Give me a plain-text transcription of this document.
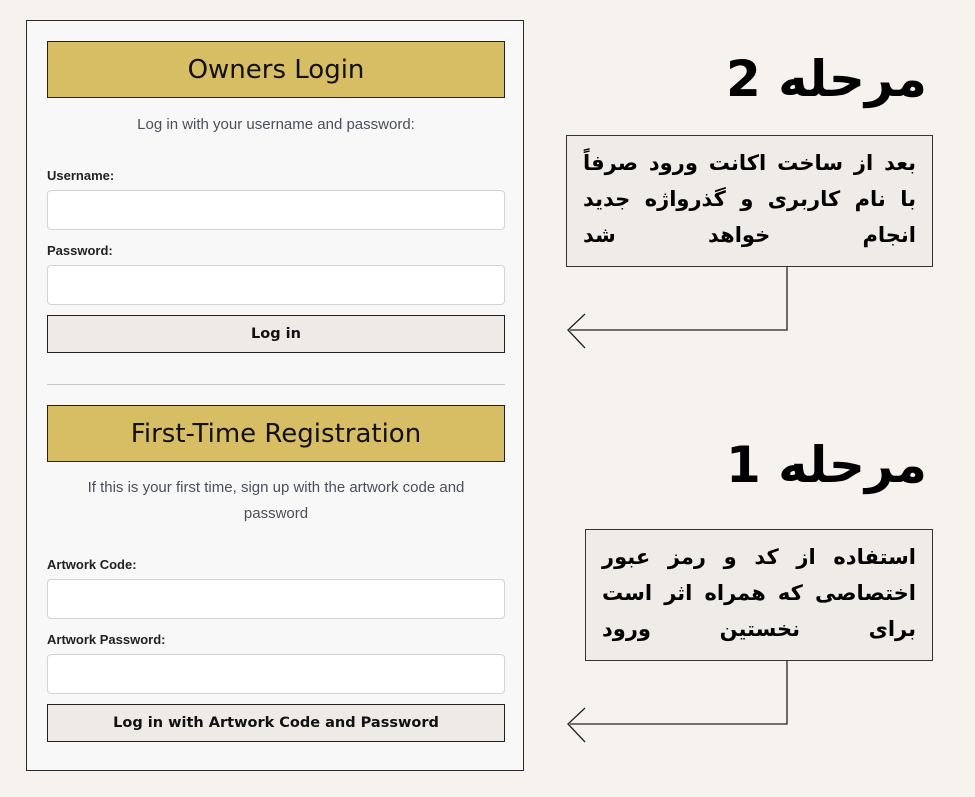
Owners Login
Log in with your username and password:
Username:
Password:
Log in
First-Time Registration
If this is your first time, sign up with the artwork code and password
Artwork Code:
Artwork Password:
Log in with Artwork Code and Password
مرحله 2
بعد از ساخت اکانت ورود صرفاً با نام کاربری و گذرواژه جدید انجام خواهد شد
مرحله 1
استفاده از کد و رمز عبور اختصاصی که همراه اثر است برای نخستین ورود
